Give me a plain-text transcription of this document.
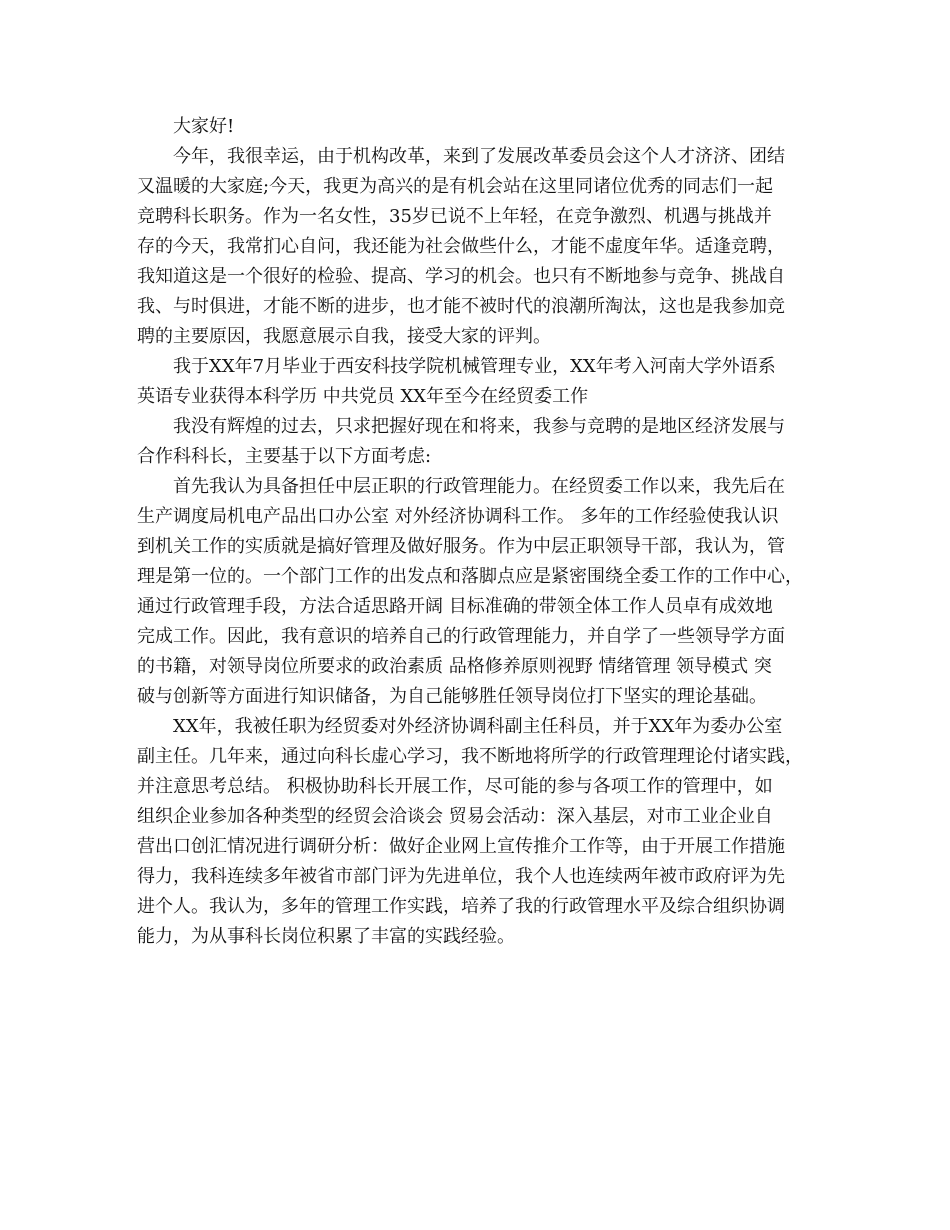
大家好!
今年，我很幸运，由于机构改革，来到了发展改革委员会这个人才济济、团结
又温暖的大家庭;今天，我更为高兴的是有机会站在这里同诸位优秀的同志们一起
竞聘科长职务。作为一名女性，35岁已说不上年轻，在竞争激烈、机遇与挑战并
存的今天，我常扪心自问，我还能为社会做些什么，才能不虚度年华。适逢竞聘，
我知道这是一个很好的检验、提高、学习的机会。也只有不断地参与竞争、挑战自
我、与时俱进，才能不断的进步，也才能不被时代的浪潮所淘汰，这也是我参加竞
聘的主要原因，我愿意展示自我，接受大家的评判。
我于XX年7月毕业于西安科技学院机械管理专业，XX年考入河南大学外语系
英语专业获得本科学历 中共党员 XX年至今在经贸委工作
我没有辉煌的过去，只求把握好现在和将来，我参与竞聘的是地区经济发展与
合作科科长，主要基于以下方面考虑:
首先我认为具备担任中层正职的行政管理能力。在经贸委工作以来，我先后在
生产调度局机电产品出口办公室 对外经济协调科工作。 多年的工作经验使我认识
到机关工作的实质就是搞好管理及做好服务。作为中层正职领导干部，我认为，管
理是第一位的。一个部门工作的出发点和落脚点应是紧密围绕全委工作的工作中心，
通过行政管理手段，方法合适思路开阔 目标准确的带领全体工作人员卓有成效地
完成工作。因此，我有意识的培养自己的行政管理能力，并自学了一些领导学方面
的书籍，对领导岗位所要求的政治素质 品格修养原则视野 情绪管理 领导模式 突
破与创新等方面进行知识储备，为自己能够胜任领导岗位打下坚实的理论基础。
XX年，我被任职为经贸委对外经济协调科副主任科员，并于XX年为委办公室
副主任。几年来，通过向科长虚心学习，我不断地将所学的行政管理理论付诸实践，
并注意思考总结。 积极协助科长开展工作，尽可能的参与各项工作的管理中，如
组织企业参加各种类型的经贸会洽谈会 贸易会活动：深入基层，对市工业企业自
营出口创汇情况进行调研分析：做好企业网上宣传推介工作等，由于开展工作措施
得力，我科连续多年被省市部门评为先进单位，我个人也连续两年被市政府评为先
进个人。我认为，多年的管理工作实践，培养了我的行政管理水平及综合组织协调
能力，为从事科长岗位积累了丰富的实践经验。
